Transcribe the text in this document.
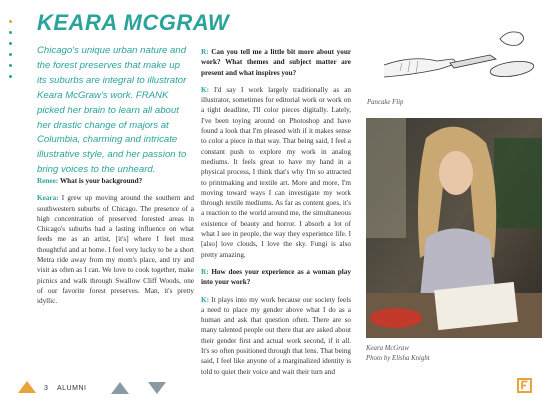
KEARA MCGRAW

Chicago's unique urban nature and the forest preserves that make up its suburbs are integral to illustrator Keara McGraw's work. FRANK picked her brain to learn all about her drastic change of majors at Columbia, charming and intricate illustrative style, and her passion to bring voices to the unheard.

Renee: What is your background?

Keara: I grew up moving around the southern and southwestern suburbs of Chicago. The presence of a high concentration of preserved forested areas in Chicago's suburbs had a lasting influence on what feeds me as an artist, [it's] where I feel most thoughtful and at home. I feel very lucky to be a short Metra ride away from my mom's place, and try and visit as often as I can. We love to cook together, make picnics and walk through Swallow Cliff Woods, one of our favorite forest preserves. Man, it's pretty idyllic.

R: Can you tell me a little bit more about your work? What themes and subject matter are present and what inspires you?

K: I'd say I work largely traditionally as an illustrator, sometimes for editorial work or work on a tight deadline, I'll color pieces digitally. Lately, I've been toying around on Photoshop and have found a look that I'm pleased with if it makes sense to color a piece in that way. That being said, I feel a constant push to explore my work in analog mediums. It feels great to have my hand in a physical process, I think that's why I'm so attracted to printmaking and textile art. More and more, I'm moving toward ways I can investigate my work through textile mediums. As far as content goes, it's a reaction to the world around me, the simultaneous existence of beauty and horror. I absorb a lot of what I see in people, the way they experience life. I [also] love clouds, I love the sky. Fungi is also pretty amazing.

R: How does your experience as a woman play into your work?

K: It plays into my work because our society feels a need to place my gender above what I do as a human and ask that question often. There are so many talented people out there that are asked about their gender first and actual work second, if it all. It's so often positioned through that lens. That being said, I feel like anyone of a marginalized identity is told to quiet their voice and wait their turn and

Pancake Flip
Keara McGraw
Photo by Elisha Knight
3 ALUMNI
